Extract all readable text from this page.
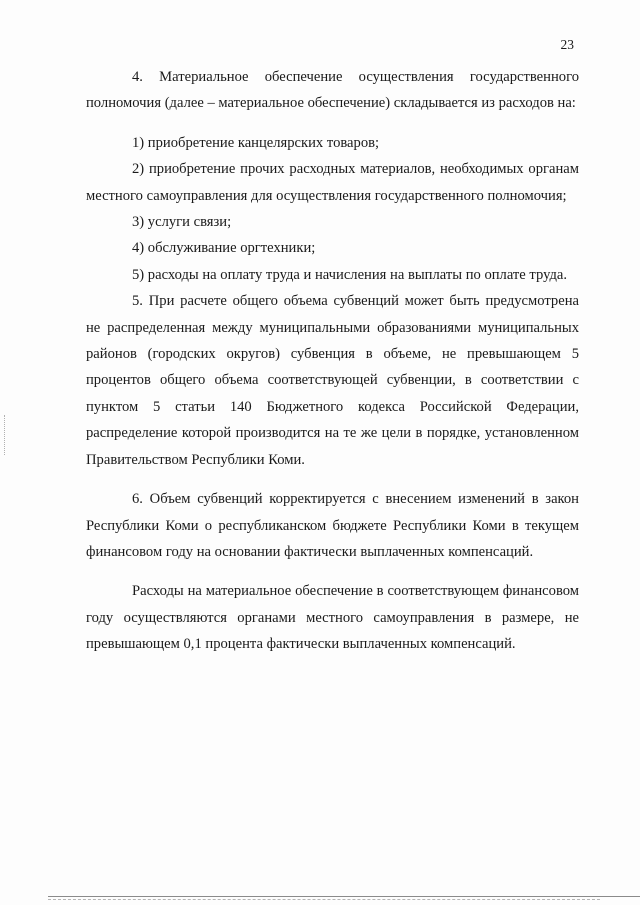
23

4. Материальное обеспечение осуществления государственного полномочия (далее – материальное обеспечение) складывается из расходов на:

1) приобретение канцелярских товаров;

2) приобретение прочих расходных материалов, необходимых органам местного самоуправления для осуществления государственного полномочия;

3) услуги связи;

4) обслуживание оргтехники;

5) расходы на оплату труда и начисления на выплаты по оплате труда.

5. При расчете общего объема субвенций может быть предусмотрена не распределенная между муниципальными образованиями муниципальных районов (городских округов) субвенция в объеме, не превышающем 5 процентов общего объема соответствующей субвенции, в соответствии с пунктом 5 статьи 140 Бюджетного кодекса Российской Федерации, распределение которой производится на те же цели в порядке, установленном Правительством Республики Коми.

6. Объем субвенций корректируется с внесением изменений в закон Республики Коми о республиканском бюджете Республики Коми в текущем финансовом году на основании фактически выплаченных компенсаций.

Расходы на материальное обеспечение в соответствующем финансовом году осуществляются органами местного самоуправления в размере, не превышающем 0,1 процента фактически выплаченных компенсаций.
